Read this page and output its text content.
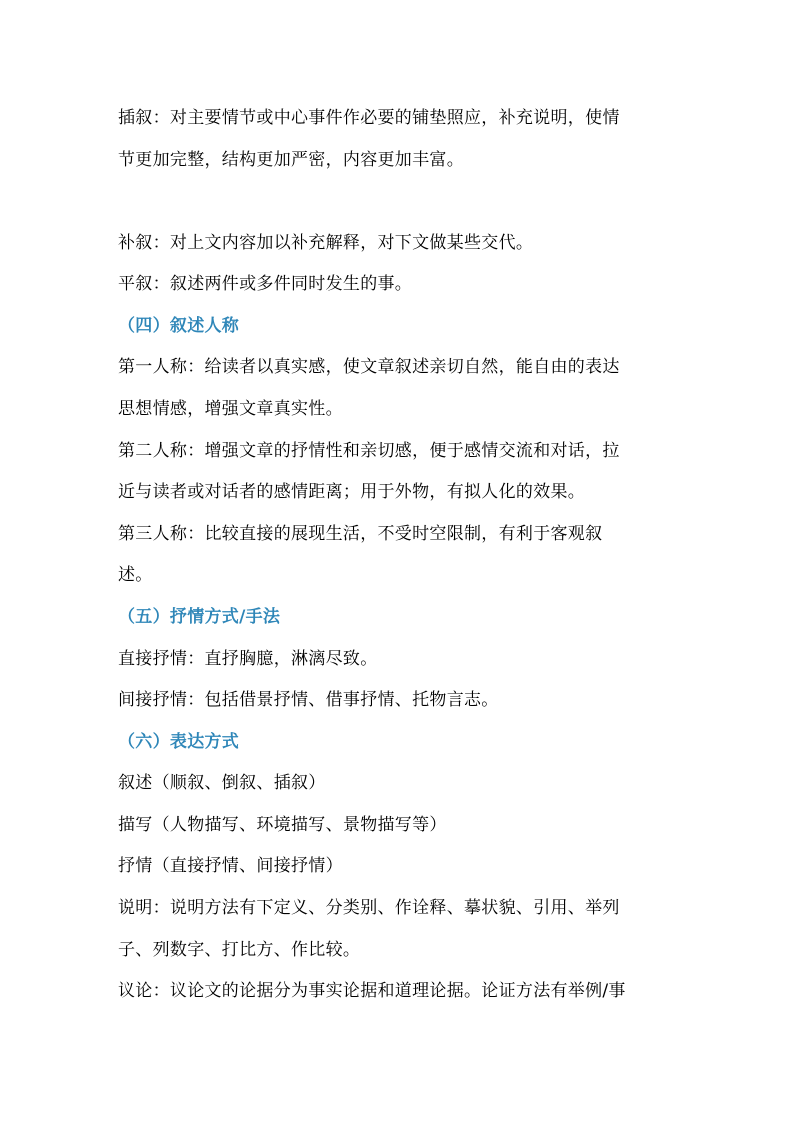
插叙：对主要情节或中心事件作必要的铺垫照应，补充说明，使情
节更加完整，结构更加严密，内容更加丰富。
补叙：对上文内容加以补充解释，对下文做某些交代。
平叙：叙述两件或多件同时发生的事。
（四）叙述人称
第一人称：给读者以真实感，使文章叙述亲切自然，能自由的表达
思想情感，增强文章真实性。
第二人称：增强文章的抒情性和亲切感，便于感情交流和对话，拉
近与读者或对话者的感情距离；用于外物，有拟人化的效果。
第三人称：比较直接的展现生活，不受时空限制，有利于客观叙
述。
（五）抒情方式/手法
直接抒情：直抒胸臆，淋漓尽致。
间接抒情：包括借景抒情、借事抒情、托物言志。
（六）表达方式
叙述（顺叙、倒叙、插叙）
描写（人物描写、环境描写、景物描写等）
抒情（直接抒情、间接抒情）
说明：说明方法有下定义、分类别、作诠释、摹状貌、引用、举列
子、列数字、打比方、作比较。
议论：议论文的论据分为事实论据和道理论据。论证方法有举例/事
